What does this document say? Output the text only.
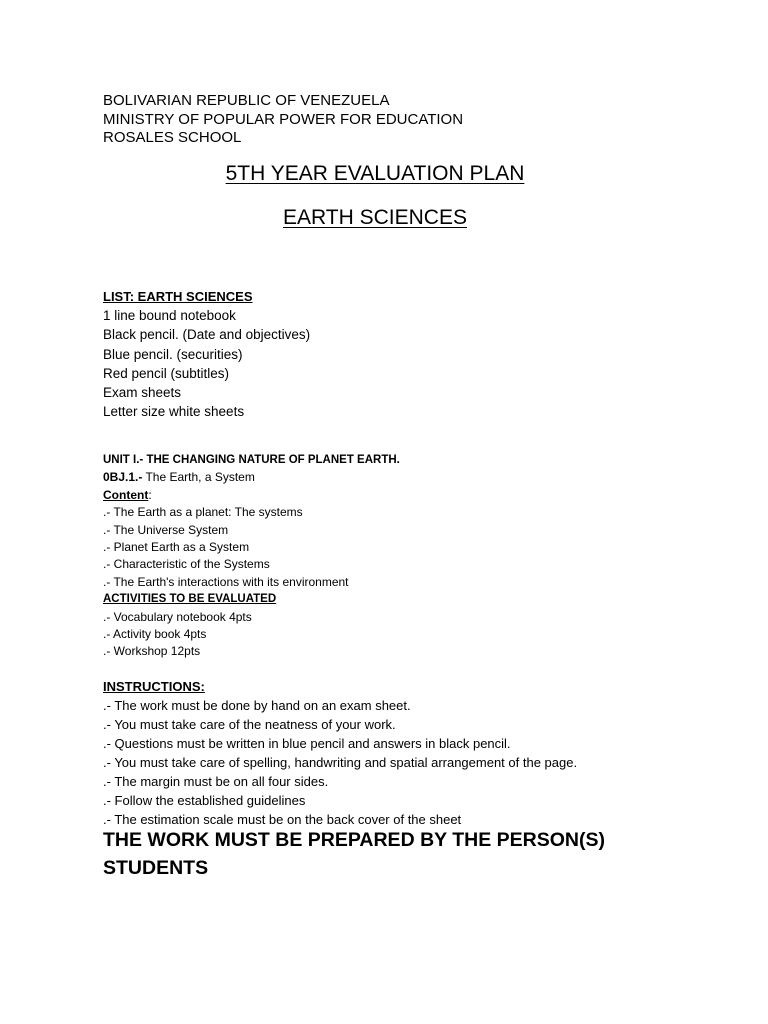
BOLIVARIAN REPUBLIC OF VENEZUELA
MINISTRY OF POPULAR POWER FOR EDUCATION
ROSALES SCHOOL
5TH YEAR EVALUATION PLAN
EARTH SCIENCES
LIST: EARTH SCIENCES
1 line bound notebook
Black pencil. (Date and objectives)
Blue pencil. (securities)
Red pencil (subtitles)
Exam sheets
Letter size white sheets
UNIT I.- THE CHANGING NATURE OF PLANET EARTH.
0BJ.1.- The Earth, a System
Content:
.- The Earth as a planet: The systems
.- The Universe System
.- Planet Earth as a System
.- Characteristic of the Systems
.- The Earth's interactions with its environment
ACTIVITIES TO BE EVALUATED
.- Vocabulary notebook 4pts
.- Activity book 4pts
.- Workshop 12pts
INSTRUCTIONS:
.- The work must be done by hand on an exam sheet.
.- You must take care of the neatness of your work.
.- Questions must be written in blue pencil and answers in black pencil.
.- You must take care of spelling, handwriting and spatial arrangement of the page.
.- The margin must be on all four sides.
.- Follow the established guidelines
.- The estimation scale must be on the back cover of the sheet
THE WORK MUST BE PREPARED BY THE PERSON(S) STUDENTS
